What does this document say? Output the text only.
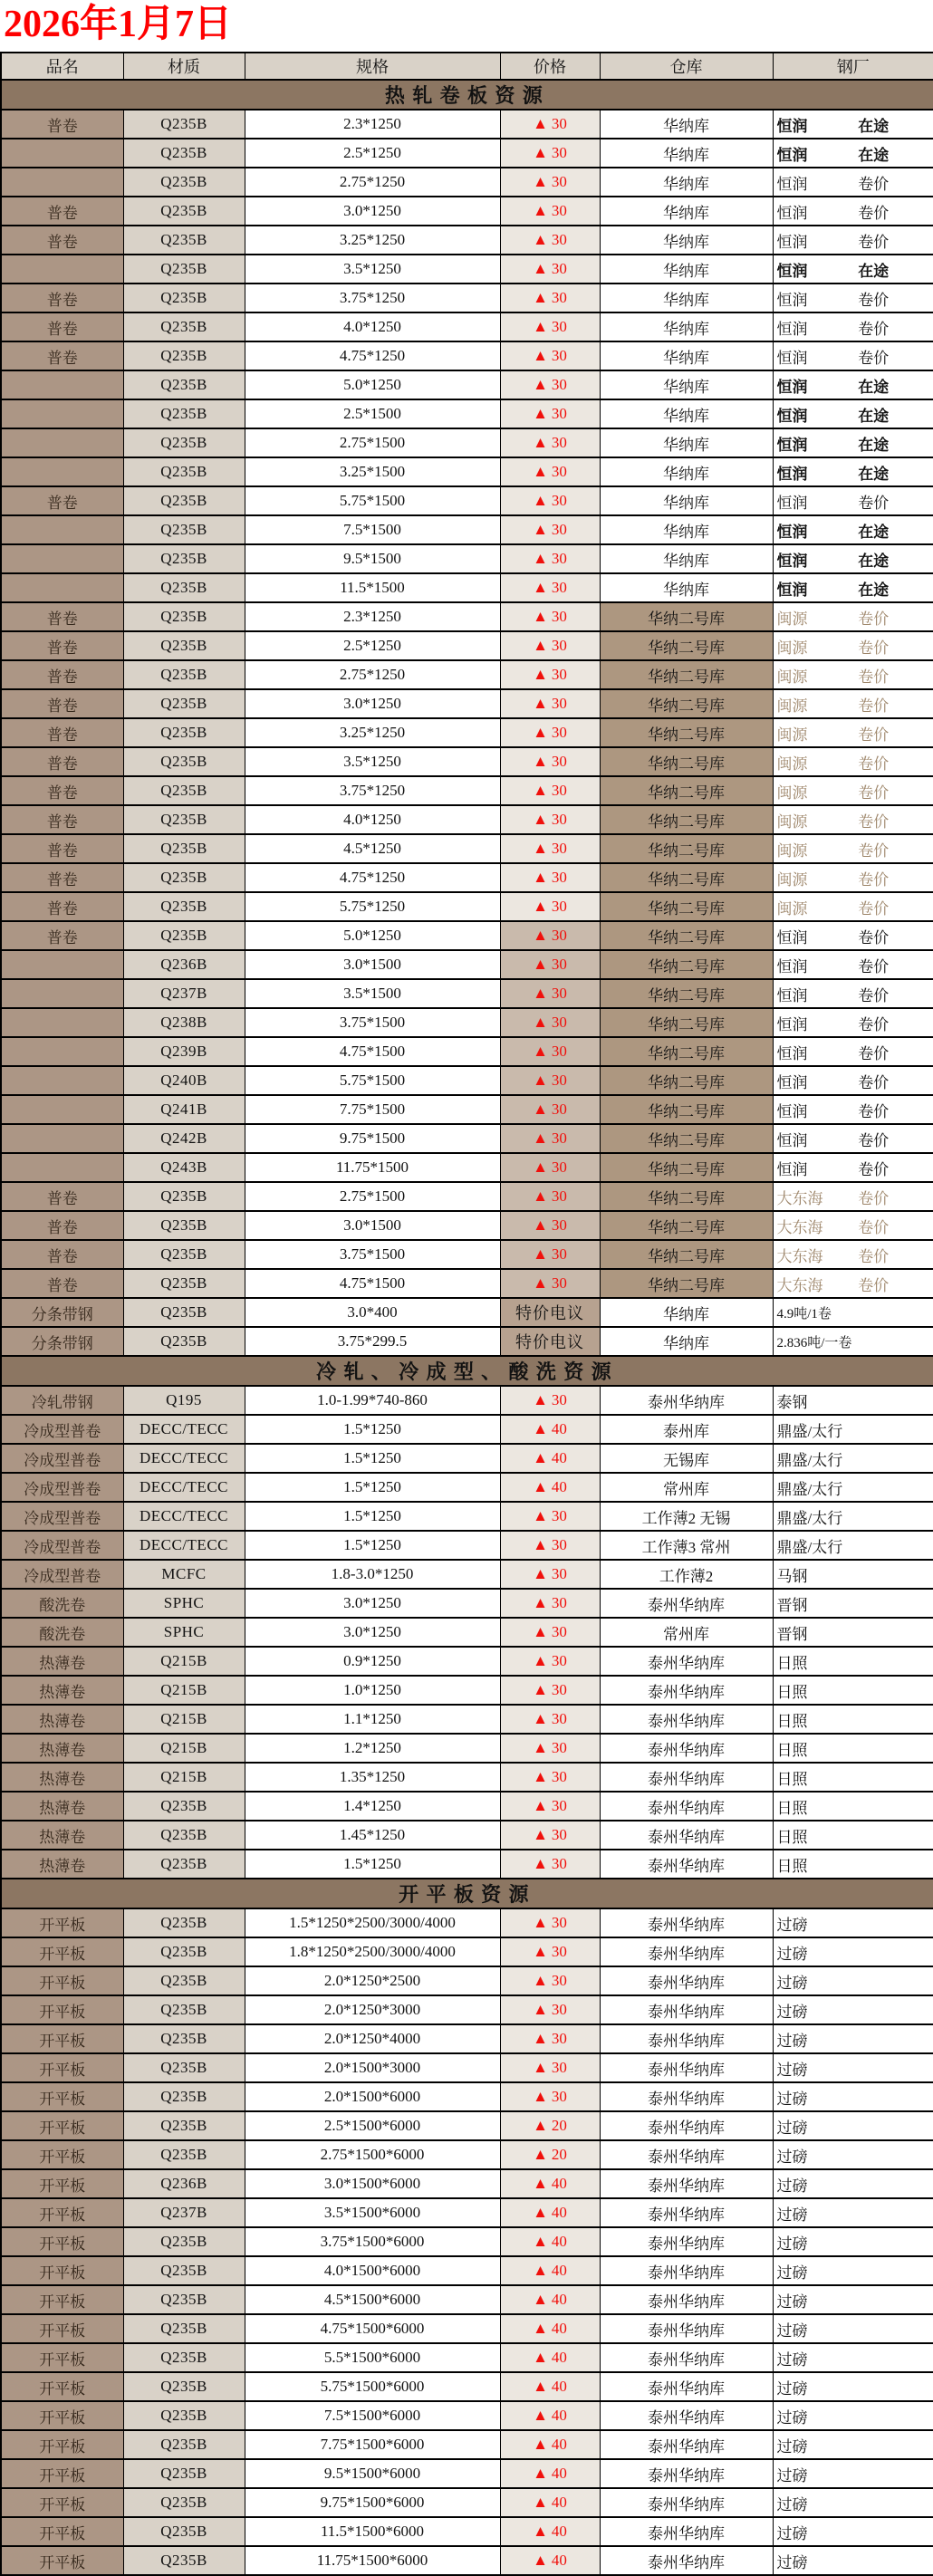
2026年1月7日
品名	材质	规格	价格	仓库	钢厂
热轧卷板资源					
普卷	Q235B	2.3*1250	▲30	华纳库	恒润 在途

	Q235B	2.5*1250	▲30	华纳库	恒润 在途

	Q235B	2.75*1250	▲30	华纳库	恒润 卷价

普卷	Q235B	3.0*1250	▲30	华纳库	恒润 卷价

普卷	Q235B	3.25*1250	▲30	华纳库	恒润 卷价

	Q235B	3.5*1250	▲30	华纳库	恒润 在途

普卷	Q235B	3.75*1250	▲30	华纳库	恒润 卷价

普卷	Q235B	4.0*1250	▲30	华纳库	恒润 卷价

普卷	Q235B	4.75*1250	▲30	华纳库	恒润 卷价

	Q235B	5.0*1250	▲30	华纳库	恒润 在途

	Q235B	2.5*1500	▲30	华纳库	恒润 在途

	Q235B	2.75*1500	▲30	华纳库	恒润 在途

	Q235B	3.25*1500	▲30	华纳库	恒润 在途

普卷	Q235B	5.75*1500	▲30	华纳库	恒润 卷价

	Q235B	7.5*1500	▲30	华纳库	恒润 在途

	Q235B	9.5*1500	▲30	华纳库	恒润 在途

	Q235B	11.5*1500	▲30	华纳库	恒润 在途

普卷	Q235B	2.3*1250	▲30	华纳二号库	闽源 卷价

普卷	Q235B	2.5*1250	▲30	华纳二号库	闽源 卷价

普卷	Q235B	2.75*1250	▲30	华纳二号库	闽源 卷价

普卷	Q235B	3.0*1250	▲30	华纳二号库	闽源 卷价

普卷	Q235B	3.25*1250	▲30	华纳二号库	闽源 卷价

普卷	Q235B	3.5*1250	▲30	华纳二号库	闽源 卷价

普卷	Q235B	3.75*1250	▲30	华纳二号库	闽源 卷价

普卷	Q235B	4.0*1250	▲30	华纳二号库	闽源 卷价

普卷	Q235B	4.5*1250	▲30	华纳二号库	闽源 卷价

普卷	Q235B	4.75*1250	▲30	华纳二号库	闽源 卷价

普卷	Q235B	5.75*1250	▲30	华纳二号库	闽源 卷价

普卷	Q235B	5.0*1250	▲30	华纳二号库	恒润 卷价

	Q236B	3.0*1500	▲30	华纳二号库	恒润 卷价

	Q237B	3.5*1500	▲30	华纳二号库	恒润 卷价

	Q238B	3.75*1500	▲30	华纳二号库	恒润 卷价

	Q239B	4.75*1500	▲30	华纳二号库	恒润 卷价

	Q240B	5.75*1500	▲30	华纳二号库	恒润 卷价

	Q241B	7.75*1500	▲30	华纳二号库	恒润 卷价

	Q242B	9.75*1500	▲30	华纳二号库	恒润 卷价

	Q243B	11.75*1500	▲30	华纳二号库	恒润 卷价

普卷	Q235B	2.75*1500	▲30	华纳二号库	大东海 卷价

普卷	Q235B	3.0*1500	▲30	华纳二号库	大东海 卷价

普卷	Q235B	3.75*1500	▲30	华纳二号库	大东海 卷价

普卷	Q235B	4.75*1500	▲30	华纳二号库	大东海 卷价

分条带钢	Q235B	3.0*400	特价电议	华纳库	4.9吨/1卷

分条带钢	Q235B	3.75*299.5	特价电议	华纳库	2.836吨/一卷

冷轧、冷成型、酸洗资源					
冷轧带钢	Q195	1.0-1.99*740-860	▲30	泰州华纳库	泰钢

冷成型普卷	DECC/TECC	1.5*1250	▲40	泰州库	鼎盛/太行

冷成型普卷	DECC/TECC	1.5*1250	▲40	无锡库	鼎盛/太行

冷成型普卷	DECC/TECC	1.5*1250	▲40	常州库	鼎盛/太行

冷成型普卷	DECC/TECC	1.5*1250	▲30	工作薄2 无锡	鼎盛/太行

冷成型普卷	DECC/TECC	1.5*1250	▲30	工作薄3 常州	鼎盛/太行

冷成型普卷	MCFC	1.8-3.0*1250	▲30	工作薄2	马钢

酸洗卷	SPHC	3.0*1250	▲30	泰州华纳库	晋钢

酸洗卷	SPHC	3.0*1250	▲30	常州库	晋钢

热薄卷	Q215B	0.9*1250	▲30	泰州华纳库	日照

热薄卷	Q215B	1.0*1250	▲30	泰州华纳库	日照

热薄卷	Q215B	1.1*1250	▲30	泰州华纳库	日照

热薄卷	Q215B	1.2*1250	▲30	泰州华纳库	日照

热薄卷	Q215B	1.35*1250	▲30	泰州华纳库	日照

热薄卷	Q235B	1.4*1250	▲30	泰州华纳库	日照

热薄卷	Q235B	1.45*1250	▲30	泰州华纳库	日照

热薄卷	Q235B	1.5*1250	▲30	泰州华纳库	日照

开平板资源					
开平板	Q235B	1.5*1250*2500/3000/4000	▲30	泰州华纳库	过磅

开平板	Q235B	1.8*1250*2500/3000/4000	▲30	泰州华纳库	过磅

开平板	Q235B	2.0*1250*2500	▲30	泰州华纳库	过磅

开平板	Q235B	2.0*1250*3000	▲30	泰州华纳库	过磅

开平板	Q235B	2.0*1250*4000	▲30	泰州华纳库	过磅

开平板	Q235B	2.0*1500*3000	▲30	泰州华纳库	过磅

开平板	Q235B	2.0*1500*6000	▲30	泰州华纳库	过磅

开平板	Q235B	2.5*1500*6000	▲20	泰州华纳库	过磅

开平板	Q235B	2.75*1500*6000	▲20	泰州华纳库	过磅

开平板	Q236B	3.0*1500*6000	▲40	泰州华纳库	过磅

开平板	Q237B	3.5*1500*6000	▲40	泰州华纳库	过磅

开平板	Q235B	3.75*1500*6000	▲40	泰州华纳库	过磅

开平板	Q235B	4.0*1500*6000	▲40	泰州华纳库	过磅

开平板	Q235B	4.5*1500*6000	▲40	泰州华纳库	过磅

开平板	Q235B	4.75*1500*6000	▲40	泰州华纳库	过磅

开平板	Q235B	5.5*1500*6000	▲40	泰州华纳库	过磅

开平板	Q235B	5.75*1500*6000	▲40	泰州华纳库	过磅

开平板	Q235B	7.5*1500*6000	▲40	泰州华纳库	过磅

开平板	Q235B	7.75*1500*6000	▲40	泰州华纳库	过磅

开平板	Q235B	9.5*1500*6000	▲40	泰州华纳库	过磅

开平板	Q235B	9.75*1500*6000	▲40	泰州华纳库	过磅

开平板	Q235B	11.5*1500*6000	▲40	泰州华纳库	过磅

开平板	Q235B	11.75*1500*6000	▲40	泰州华纳库	过磅
